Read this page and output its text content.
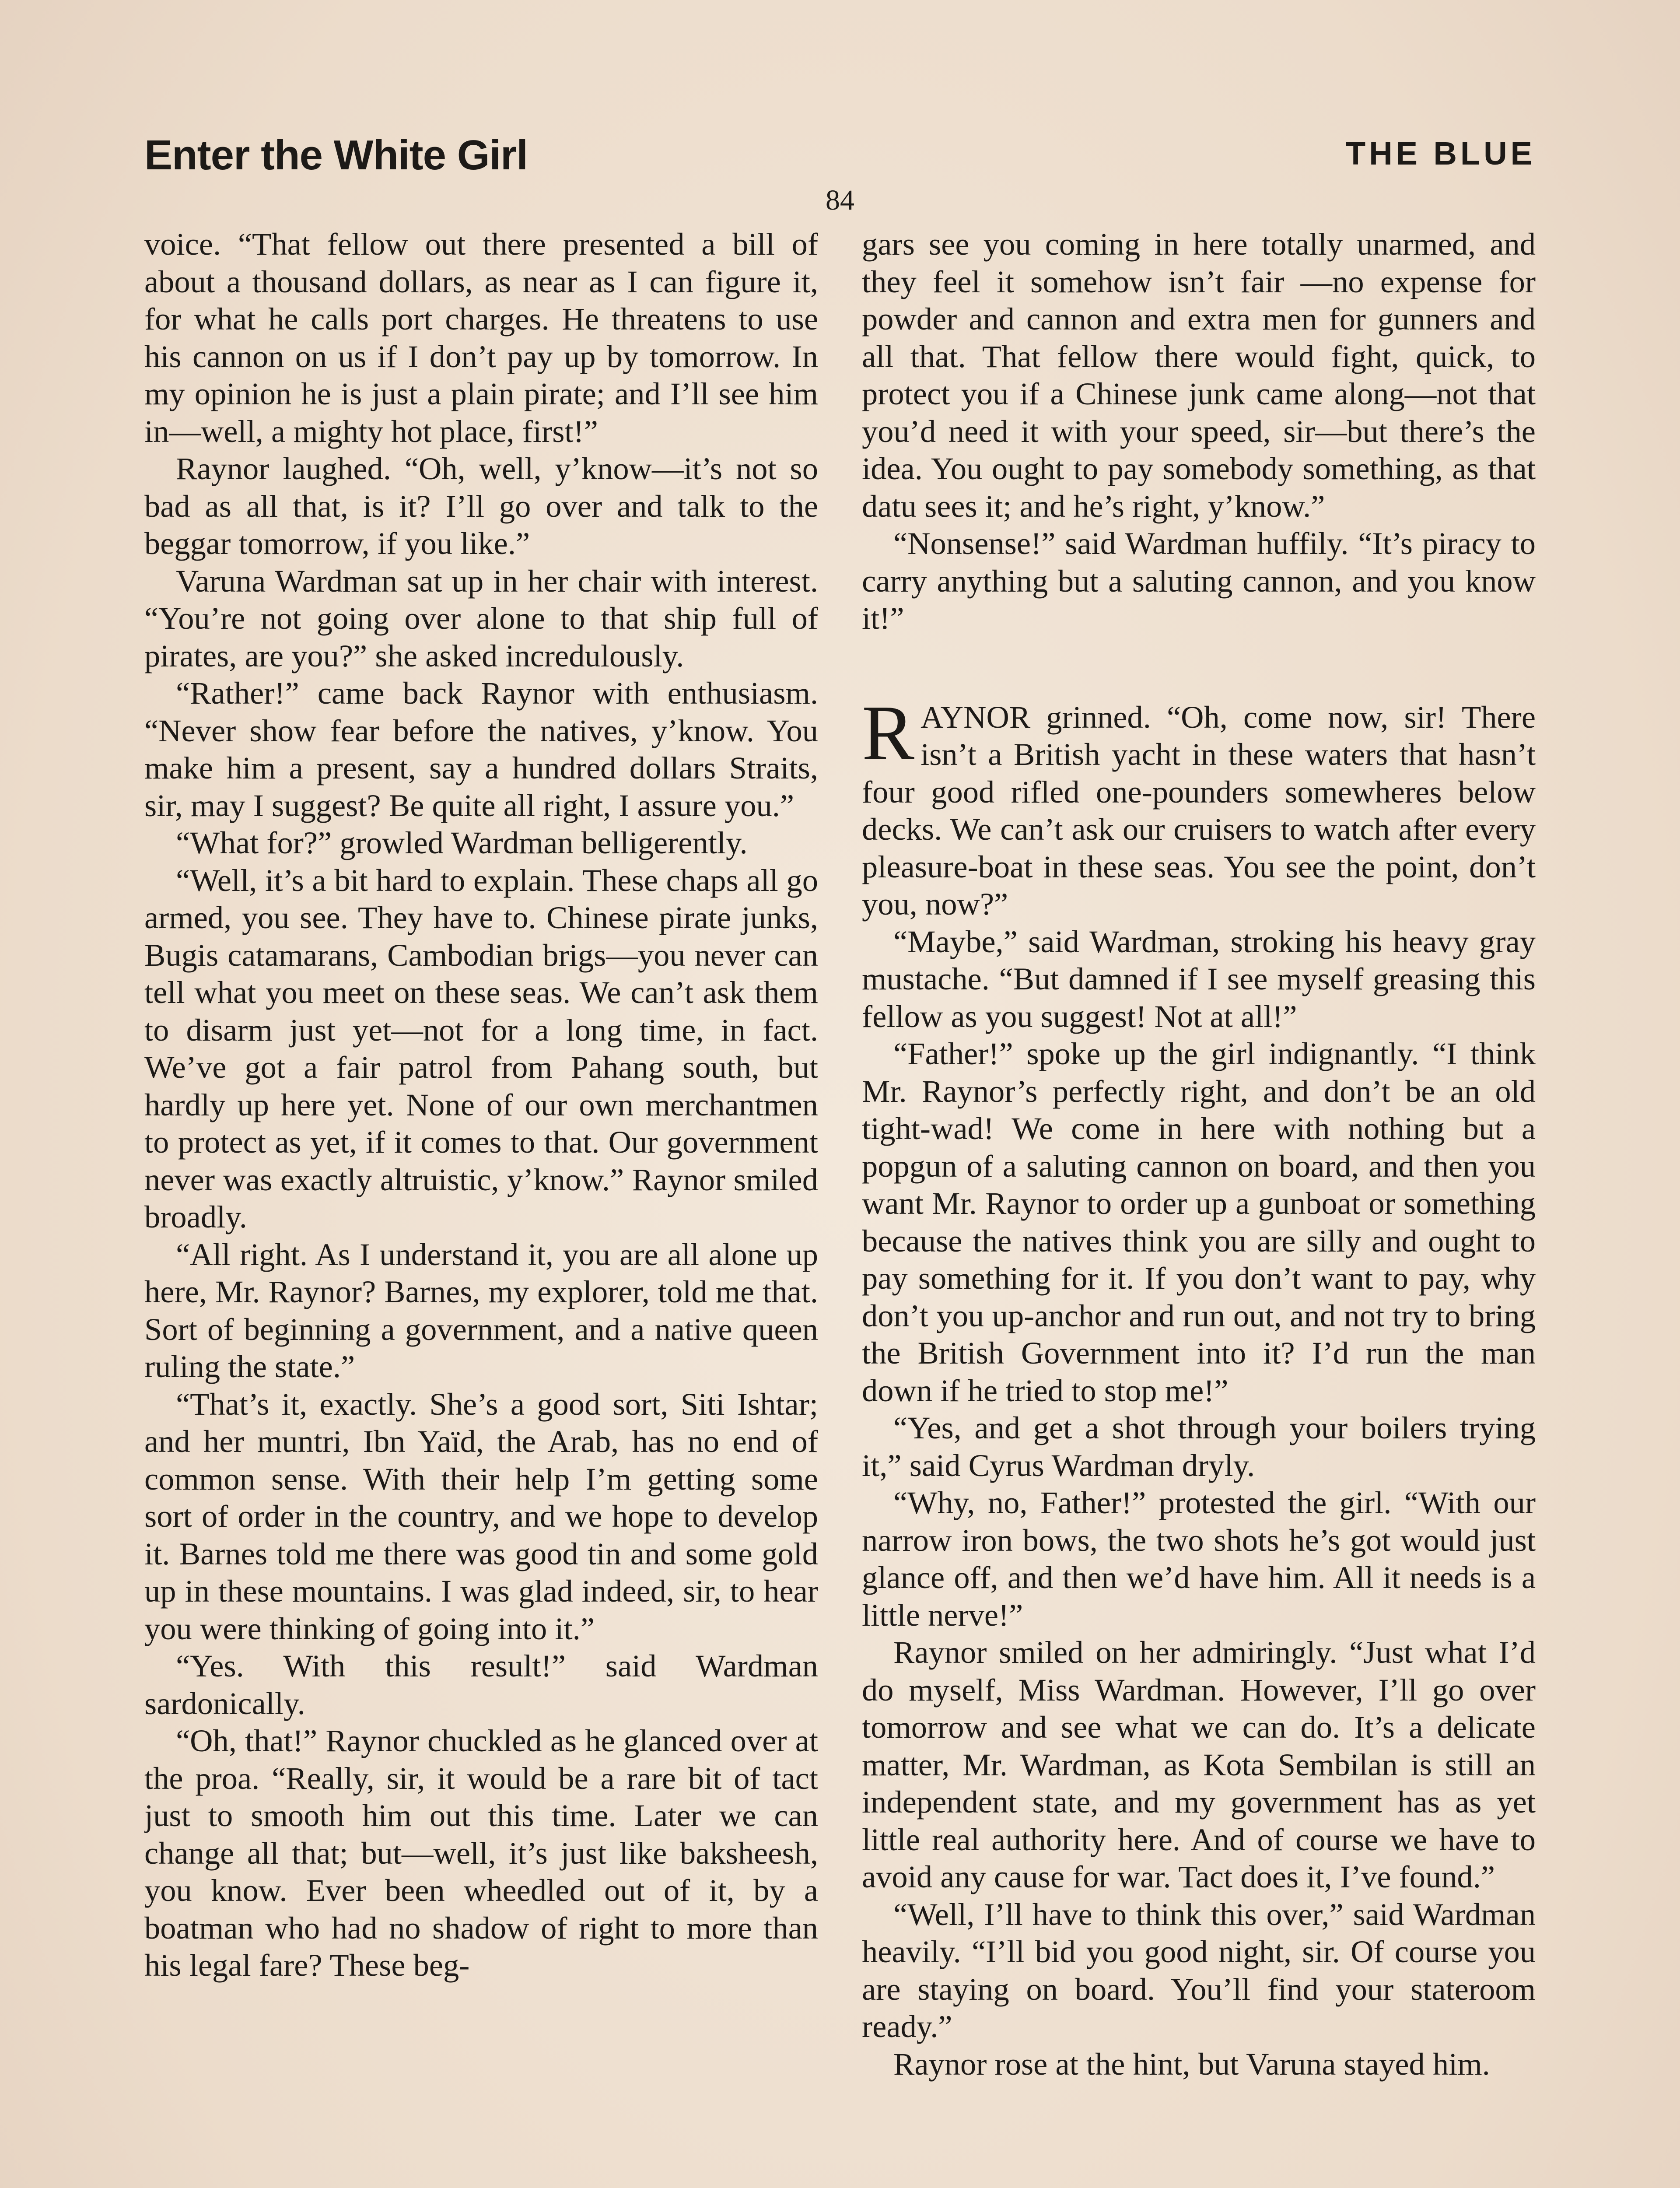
Enter the White Girl	THE BLUE
84

voice. “That fellow out there presented a bill of about a thousand dollars, as near as I can figure it, for what he calls port charges. He threatens to use his cannon on us if I don’t pay up by tomorrow. In my opinion he is just a plain pirate; and I’ll see him in—well, a mighty hot place, first!”

Raynor laughed. “Oh, well, y’know—it’s not so bad as all that, is it? I’ll go over and talk to the beggar tomorrow, if you like.”

Varuna Wardman sat up in her chair with interest. “You’re not going over alone to that ship full of pirates, are you?” she asked incredulously.

“Rather!” came back Raynor with enthusiasm. “Never show fear before the natives, y’know. You make him a present, say a hundred dollars Straits, sir, may I suggest? Be quite all right, I assure you.”

“What for?” growled Wardman belligerently.

“Well, it’s a bit hard to explain. These chaps all go armed, you see. They have to. Chinese pirate junks, Bugis catamarans, Cambodian brigs—you never can tell what you meet on these seas. We can’t ask them to disarm just yet—not for a long time, in fact. We’ve got a fair patrol from Pahang south, but hardly up here yet. None of our own merchantmen to protect as yet, if it comes to that. Our government never was exactly altruistic, y’know.” Raynor smiled broadly.

“All right. As I understand it, you are all alone up here, Mr. Raynor? Barnes, my explorer, told me that. Sort of beginning a government, and a native queen ruling the state.”

“That’s it, exactly. She’s a good sort, Siti Ishtar; and her muntri, Ibn Yaïd, the Arab, has no end of common sense. With their help I’m getting some sort of order in the country, and we hope to develop it. Barnes told me there was good tin and some gold up in these mountains. I was glad indeed, sir, to hear you were thinking of going into it.”

“Yes. With this result!” said Wardman sardonically.

“Oh, that!” Raynor chuckled as he glanced over at the proa. “Really, sir, it would be a rare bit of tact just to smooth him out this time. Later we can change all that; but—well, it’s just like baksheesh, you know. Ever been wheedled out of it, by a boatman who had no shadow of right to more than his legal fare? These beg-

gars see you coming in here totally unarmed, and they feel it somehow isn’t fair —no expense for powder and cannon and extra men for gunners and all that. That fellow there would fight, quick, to protect you if a Chinese junk came along—not that you’d need it with your speed, sir—but there’s the idea. You ought to pay somebody something, as that datu sees it; and he’s right, y’know.”

“Nonsense!” said Wardman huffily. “It’s piracy to carry anything but a saluting cannon, and you know it!”

RAYNOR grinned. “Oh, come now, sir! There isn’t a British yacht in these waters that hasn’t four good rifled one-pounders somewheres below decks. We can’t ask our cruisers to watch after every pleasure-boat in these seas. You see the point, don’t you, now?”

“Maybe,” said Wardman, stroking his heavy gray mustache. “But damned if I see myself greasing this fellow as you suggest! Not at all!”

“Father!” spoke up the girl indignantly. “I think Mr. Raynor’s perfectly right, and don’t be an old tight-wad! We come in here with nothing but a popgun of a saluting cannon on board, and then you want Mr. Raynor to order up a gunboat or something because the natives think you are silly and ought to pay something for it. If you don’t want to pay, why don’t you up-anchor and run out, and not try to bring the British Government into it? I’d run the man down if he tried to stop me!”

“Yes, and get a shot through your boilers trying it,” said Cyrus Wardman dryly.

“Why, no, Father!” protested the girl. “With our narrow iron bows, the two shots he’s got would just glance off, and then we’d have him. All it needs is a little nerve!”

Raynor smiled on her admiringly. “Just what I’d do myself, Miss Wardman. However, I’ll go over tomorrow and see what we can do. It’s a delicate matter, Mr. Wardman, as Kota Sembilan is still an independent state, and my government has as yet little real authority here. And of course we have to avoid any cause for war. Tact does it, I’ve found.”

“Well, I’ll have to think this over,” said Wardman heavily. “I’ll bid you good night, sir. Of course you are staying on board. You’ll find your stateroom ready.”

Raynor rose at the hint, but Varuna stayed him.
